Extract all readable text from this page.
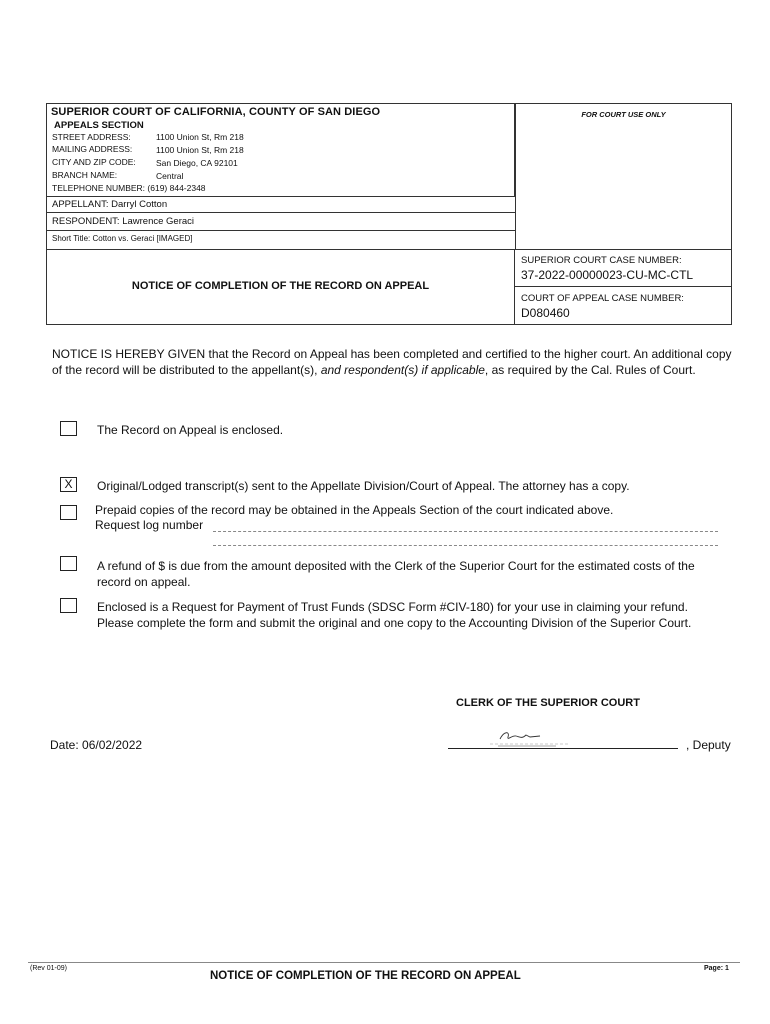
SUPERIOR COURT OF CALIFORNIA, COUNTY OF SAN DIEGO
APPEALS SECTION
STREET ADDRESS:	1100 Union St, Rm 218
MAILING ADDRESS:	1100 Union St, Rm 218
CITY AND ZIP CODE: San Diego, CA 92101
BRANCH NAME:	Central
TELEPHONE NUMBER: (619) 844-2348
FOR COURT USE ONLY
APPELLANT: Darryl Cotton
RESPONDENT: Lawrence Geraci
Short Title: Cotton vs. Geraci [IMAGED]
NOTICE OF COMPLETION OF THE RECORD ON APPEAL
SUPERIOR COURT CASE NUMBER:
37-2022-00000023-CU-MC-CTL
COURT OF APPEAL CASE NUMBER:
D080460
NOTICE IS HEREBY GIVEN that the Record on Appeal has been completed and certified to the higher court. An additional copy of the record will be distributed to the appellant(s), and respondent(s) if applicable, as required by the Cal. Rules of Court.
The Record on Appeal is enclosed.
X	Original/Lodged transcript(s) sent to the Appellate Division/Court of Appeal. The attorney has a copy.
Prepaid copies of the record may be obtained in the Appeals Section of the court indicated above.
Request log number
A refund of $ is due from the amount deposited with the Clerk of the Superior Court for the estimated costs of the record on appeal.
Enclosed is a Request for Payment of Trust Funds (SDSC Form #CIV-180) for your use in claiming your refund. Please complete the form and submit the original and one copy to the Accounting Division of the Superior Court.
CLERK OF THE SUPERIOR COURT
Date: 06/02/2022	, Deputy
(Rev 01-09)
NOTICE OF COMPLETION OF THE RECORD ON APPEAL
Page: 1
